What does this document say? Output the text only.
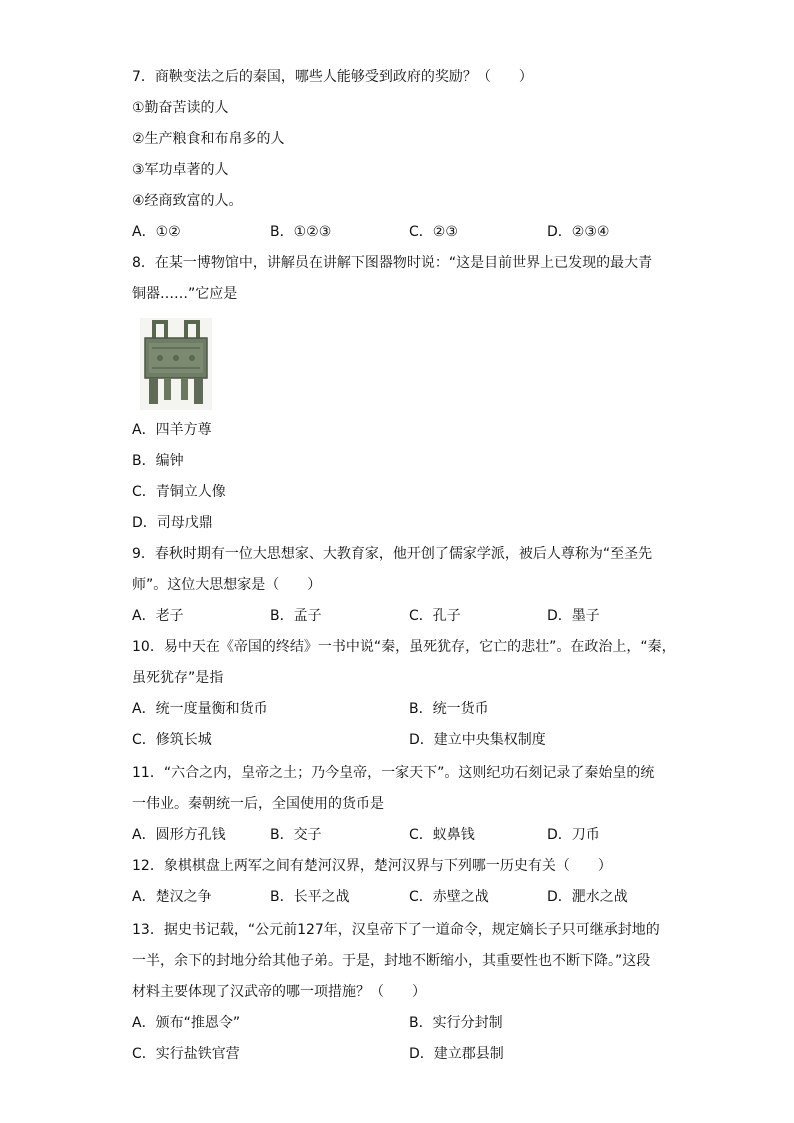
7．商鞅变法之后的秦国，哪些人能够受到政府的奖励？（　　）
①勤奋苦读的人
②生产粮食和布帛多的人
③军功卓著的人
④经商致富的人。
A．①②	B．①②③	C．②③	D．②③④
8．在某一博物馆中，讲解员在讲解下图器物时说：“这是目前世界上已发现的最大青
铜器……”它应是
A．四羊方尊
B．编钟
C．青铜立人像
D．司母戊鼎
9．春秋时期有一位大思想家、大教育家，他开创了儒家学派，被后人尊称为“至圣先
师”。这位大思想家是（　　）
A．老子	B．孟子	C．孔子	D．墨子
10．易中天在《帝国的终结》一书中说“秦，虽死犹存，它亡的悲壮”。在政治上，“秦，
虽死犹存”是指
A．统一度量衡和货币	B．统一货币
C．修筑长城	D．建立中央集权制度
11．“六合之内，皇帝之土；乃今皇帝，一家天下”。这则纪功石刻记录了秦始皇的统
一伟业。秦朝统一后，全国使用的货币是
A．圆形方孔钱	B．交子	C．蚁鼻钱	D．刀币
12．象棋棋盘上两军之间有楚河汉界，楚河汉界与下列哪一历史有关（　　）
A．楚汉之争	B．长平之战	C．赤壁之战	D．淝水之战
13．据史书记载，“公元前127年，汉皇帝下了一道命令，规定嫡长子只可继承封地的
一半，余下的封地分给其他子弟。于是，封地不断缩小，其重要性也不断下降。”这段
材料主要体现了汉武帝的哪一项措施？（　　）
A．颁布“推恩令”	B．实行分封制
C．实行盐铁官营	D．建立郡县制
